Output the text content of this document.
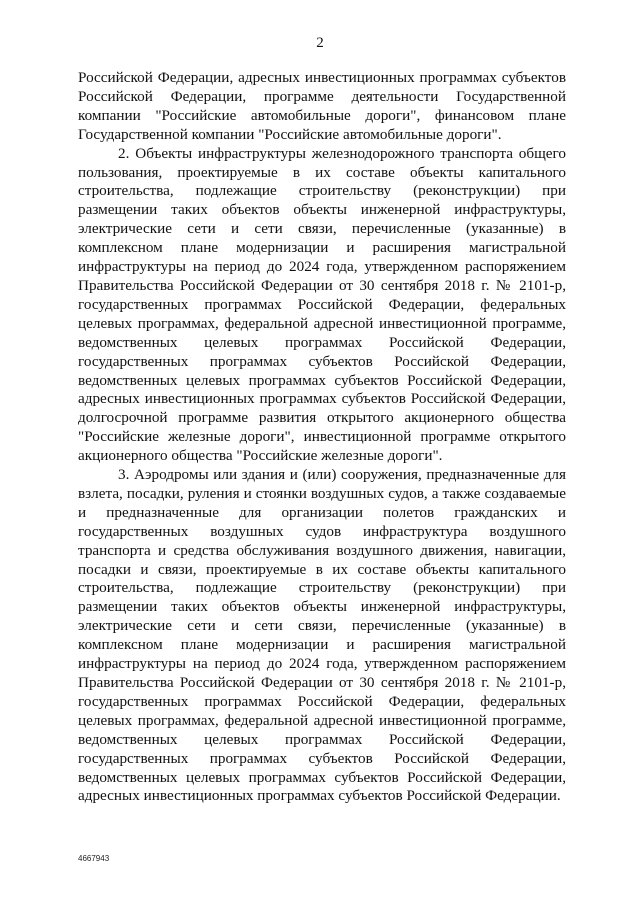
2

Российской Федерации, адресных инвестиционных программах субъектов Российской Федерации, программе деятельности Государственной компании "Российские автомобильные дороги", финансовом плане Государственной компании "Российские автомобильные дороги".

2. Объекты инфраструктуры железнодорожного транспорта общего пользования, проектируемые в их составе объекты капитального строительства, подлежащие строительству (реконструкции) при размещении таких объектов объекты инженерной инфраструктуры, электрические сети и сети связи, перечисленные (указанные) в комплексном плане модернизации и расширения магистральной инфраструктуры на период до 2024 года, утвержденном распоряжением Правительства Российской Федерации от 30 сентября 2018 г. № 2101-р, государственных программах Российской Федерации, федеральных целевых программах, федеральной адресной инвестиционной программе, ведомственных целевых программах Российской Федерации, государственных программах субъектов Российской Федерации, ведомственных целевых программах субъектов Российской Федерации, адресных инвестиционных программах субъектов Российской Федерации, долгосрочной программе развития открытого акционерного общества "Российские железные дороги", инвестиционной программе открытого акционерного общества "Российские железные дороги".

3. Аэродромы или здания и (или) сооружения, предназначенные для взлета, посадки, руления и стоянки воздушных судов, а также создаваемые и предназначенные для организации полетов гражданских и государственных воздушных судов инфраструктура воздушного транспорта и средства обслуживания воздушного движения, навигации, посадки и связи, проектируемые в их составе объекты капитального строительства, подлежащие строительству (реконструкции) при размещении таких объектов объекты инженерной инфраструктуры, электрические сети и сети связи, перечисленные (указанные) в комплексном плане модернизации и расширения магистральной инфраструктуры на период до 2024 года, утвержденном распоряжением Правительства Российской Федерации от 30 сентября 2018 г. № 2101-р, государственных программах Российской Федерации, федеральных целевых программах, федеральной адресной инвестиционной программе, ведомственных целевых программах Российской Федерации, государственных программах субъектов Российской Федерации, ведомственных целевых программах субъектов Российской Федерации, адресных инвестиционных программах субъектов Российской Федерации.

4667943
